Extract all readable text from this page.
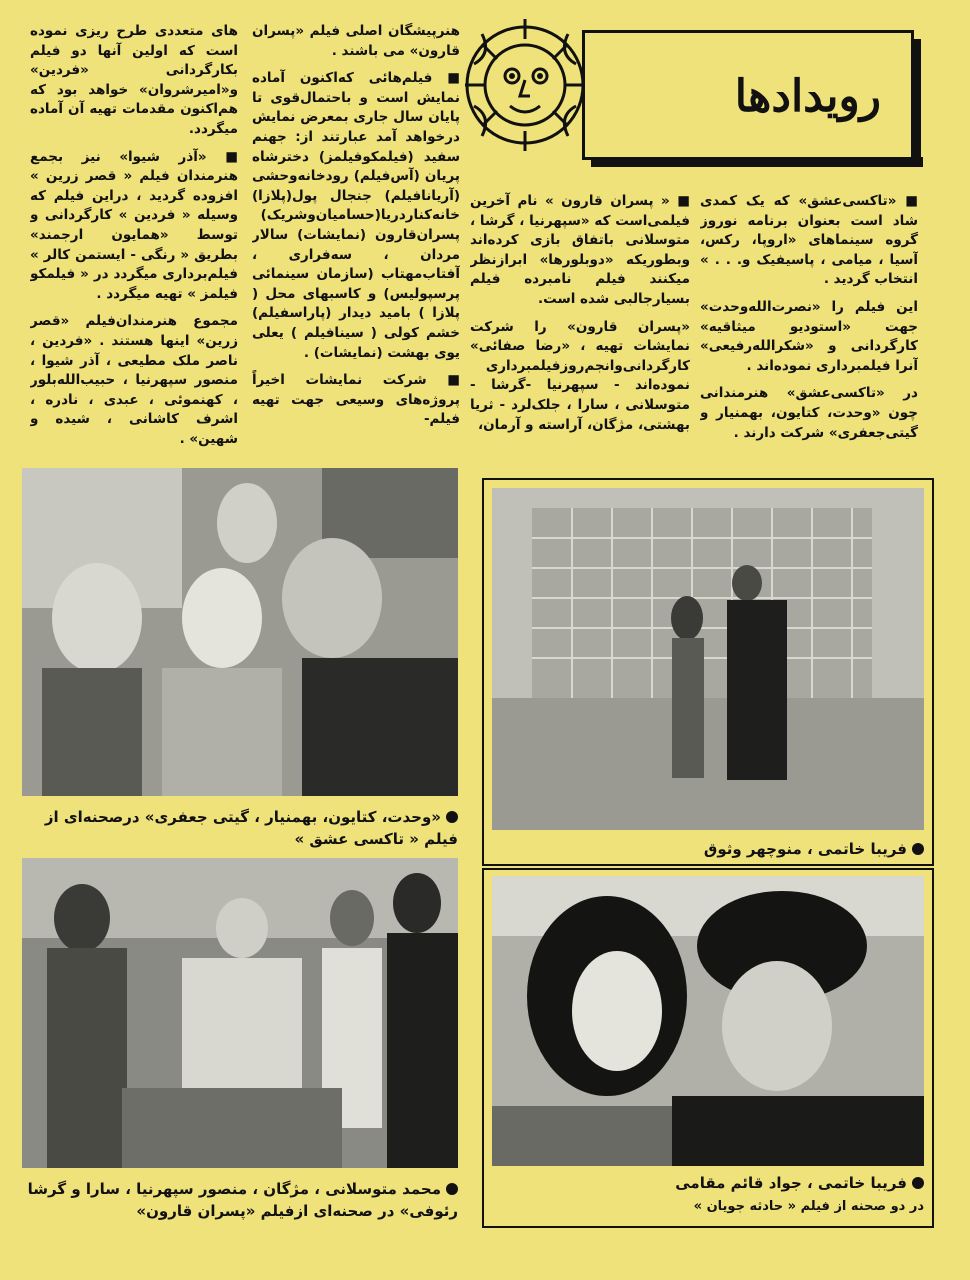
رویدادها

■ «تاکسی‌عشق» که یک کمدی شاد است بعنوان برنامه نوروز گروه سینماهای «اروپا، رکس، آسیا ، میامی ، پاسیفیک و. . . » انتخاب گردید .

این فیلم را «نصرت‌الله‌وحدت» جهت «استودیو میثاقیه» کارگردانی و «شکرالله‌رفیعی» آنرا فیلمبرداری نموده‌اند .

در «تاکسی‌عشق» هنرمندانی چون «وحدت، کتایون، بهمنیار و گیتی‌جعفری» شرکت دارند .

■ « پسران قارون » نام آخرین فیلمی‌است که «سپهرنیا ، گرشا ، متوسلانی باتفاق بازی کرده‌اند وبطوریکه «دوبلورها» ابرازنظر میکنند فیلم نامبرده فیلم بسیارجالبی شده است.

«پسران قارون» را شرکت نمایشات تهیه ، «رضا صفائی» کارگردانی‌وانجم‌روزفیلمبرداری نموده‌اند - سپهرنیا -گرشا - متوسلانی ، سارا ، جلک‌لرد - ثریا بهشتی، مژگان، آراسته و آرمان،

هنرپیشگان اصلی فیلم «پسران قارون» می باشند .

■ فیلم‌هائی که‌اکنون آماده نمایش است و باحتمال‌قوی تا پایان سال جاری بمعرض نمایش درخواهد آمد عبارتند از: جهنم سفید (فیلمکوفیلمز) دخترشاه پریان (آس‌فیلم) رودخانه‌وحشی (آریانافیلم) جنجال پول(پلازا) خانه‌کناردریا(حسامیان‌وشریک) پسران‌قارون (نمایشات) سالار مردان ، سه‌فراری ، آفتاب‌مهتاب (سازمان سینمائی پرسپولیس) و کاسبهای محل ( پلازا ) بامید دیدار (پاراسفیلم) خشم کولی ( سینافیلم ) یعلی یوی بهشت (نمایشات) .

■ شرکت نمایشات اخیراً پروژه‌های وسیعی جهت تهیه فیلم-

های متعددی طرح ریزی نموده است که اولین آنها دو فیلم بکارگردانی «فردین» و«امیرشروان» خواهد بود که هم‌اکنون مقدمات تهیه آن آماده میگردد.

■ «آذر شیوا» نیز بجمع هنرمندان فیلم « قصر زرین » افزوده گردید ، دراین فیلم که وسیله « فردین » کارگردانی و توسط «همایون ارجمند» بطریق « رنگی - ایستمن کالر » فیلم‌برداری میگردد در « فیلمکو فیلمز » تهیه میگردد .

مجموع هنرمندان‌فیلم «قصر زرین» اینها هستند . «فردین ، ناصر ملک مطیعی ، آذر شیوا ، منصور سپهرنیا ، حبیب‌الله‌بلور ، کهنموئی ، عبدی ، نادره ، اشرف کاشانی ، شیده و شهین» .

«وحدت، کتایون، بهمنیار ، گیتی جعفری» درصحنه‌ای از فیلم « تاکسی عشق »
فریبا خاتمی ، منوچهر وثوق
محمد متوسلانی ، مژگان ، منصور سپهرنیا ، سارا و گرشا رئوفی» در صحنه‌ای ازفیلم «پسران قارون»
فریبا خاتمی ، جواد قائم مقامی
در دو صحنه از فیلم « حادثه جویان »
